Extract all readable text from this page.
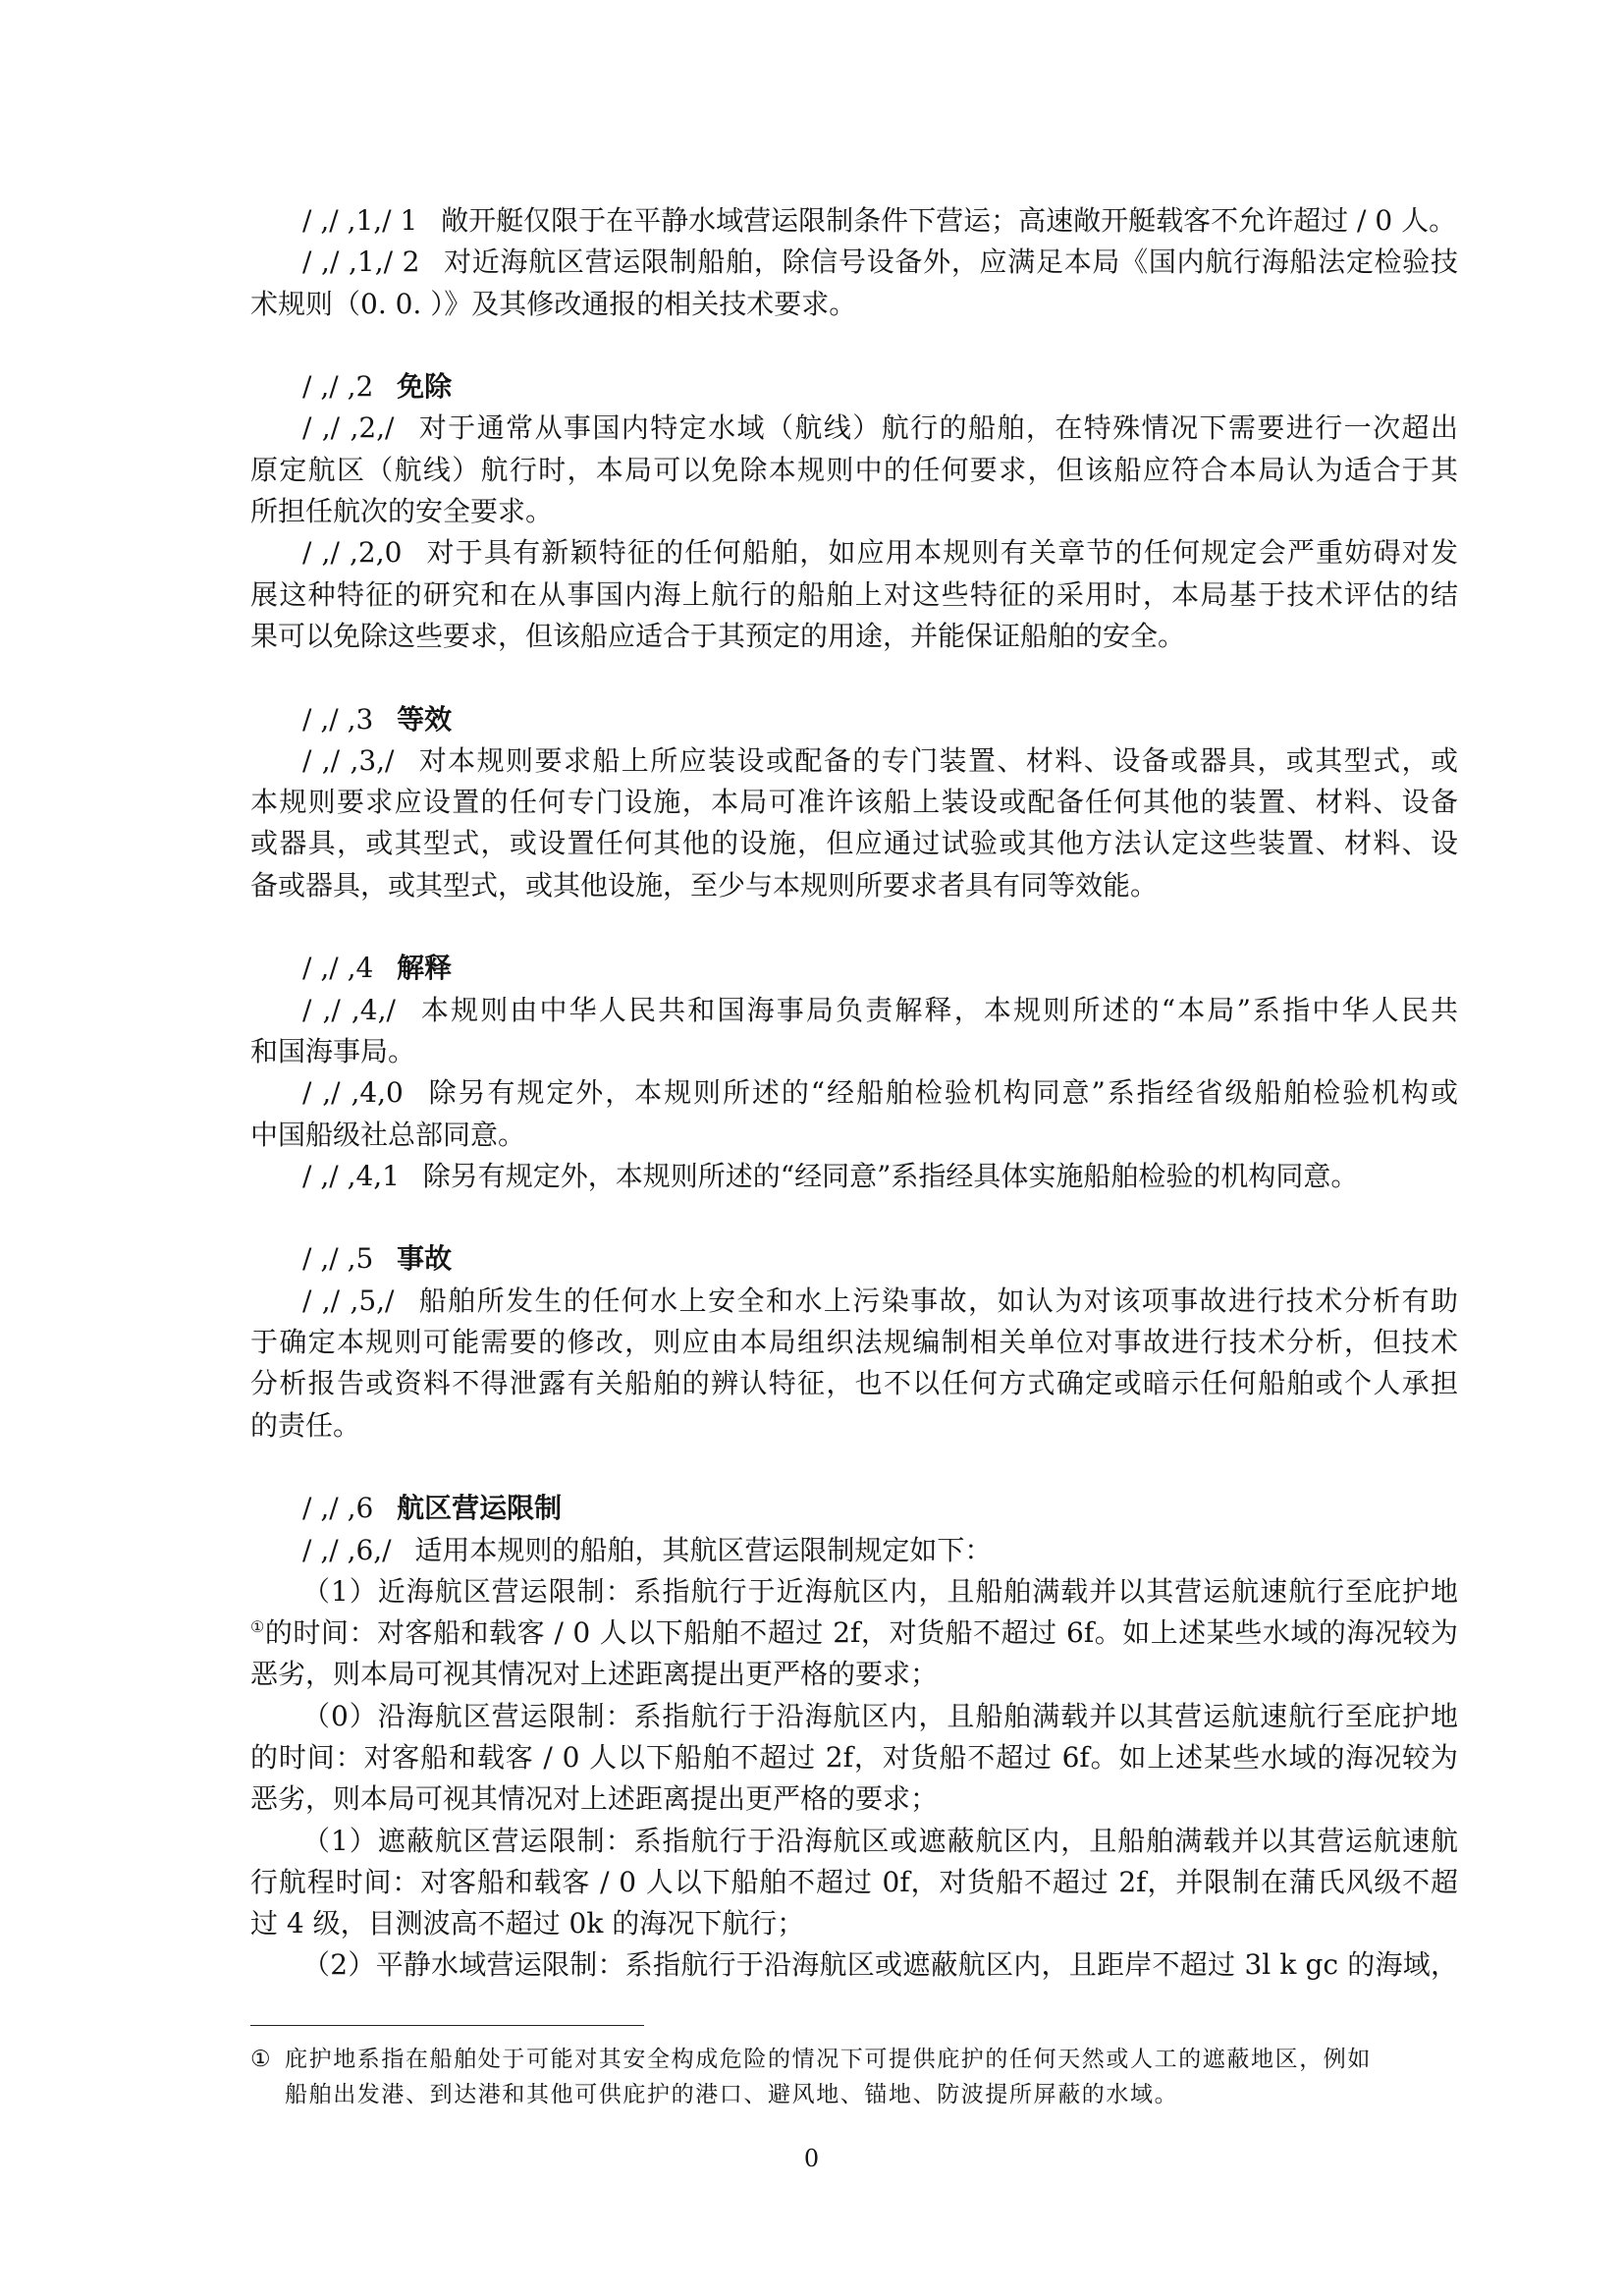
/ ,/ ,1,/ 1 敞开艇仅限于在平静水域营运限制条件下营运；高速敞开艇载客不允许超过 / 0 人。
/ ,/ ,1,/ 2 对近海航区营运限制船舶，除信号设备外，应满足本局《国内航行海船法定检验技
术规则（0. 0. ）》及其修改通报的相关技术要求。
/ ,/ ,2 免除
/ ,/ ,2,/ 对于通常从事国内特定水域（航线）航行的船舶，在特殊情况下需要进行一次超出
原定航区（航线）航行时，本局可以免除本规则中的任何要求，但该船应符合本局认为适合于其
所担任航次的安全要求。
/ ,/ ,2,0 对于具有新颖特征的任何船舶，如应用本规则有关章节的任何规定会严重妨碍对发
展这种特征的研究和在从事国内海上航行的船舶上对这些特征的采用时，本局基于技术评估的结
果可以免除这些要求，但该船应适合于其预定的用途，并能保证船舶的安全。
/ ,/ ,3 等效
/ ,/ ,3,/ 对本规则要求船上所应装设或配备的专门装置、材料、设备或器具，或其型式，或
本规则要求应设置的任何专门设施，本局可准许该船上装设或配备任何其他的装置、材料、设备
或器具，或其型式，或设置任何其他的设施，但应通过试验或其他方法认定这些装置、材料、设
备或器具，或其型式，或其他设施，至少与本规则所要求者具有同等效能。
/ ,/ ,4 解释
/ ,/ ,4,/ 本规则由中华人民共和国海事局负责解释，本规则所述的“本局”系指中华人民共
和国海事局。
/ ,/ ,4,0 除另有规定外，本规则所述的“经船舶检验机构同意”系指经省级船舶检验机构或
中国船级社总部同意。
/ ,/ ,4,1 除另有规定外，本规则所述的“经同意”系指经具体实施船舶检验的机构同意。
/ ,/ ,5 事故
/ ,/ ,5,/ 船舶所发生的任何水上安全和水上污染事故，如认为对该项事故进行技术分析有助
于确定本规则可能需要的修改，则应由本局组织法规编制相关单位对事故进行技术分析，但技术
分析报告或资料不得泄露有关船舶的辨认特征，也不以任何方式确定或暗示任何船舶或个人承担
的责任。
/ ,/ ,6 航区营运限制
/ ,/ ,6,/ 适用本规则的船舶，其航区营运限制规定如下：
（1）近海航区营运限制：系指航行于近海航区内，且船舶满载并以其营运航速航行至庇护地
①的时间：对客船和载客 / 0 人以下船舶不超过 2f，对货船不超过 6f。如上述某些水域的海况较为
恶劣，则本局可视其情况对上述距离提出更严格的要求；
（0）沿海航区营运限制：系指航行于沿海航区内，且船舶满载并以其营运航速航行至庇护地
的时间：对客船和载客 / 0 人以下船舶不超过 2f，对货船不超过 6f。如上述某些水域的海况较为
恶劣，则本局可视其情况对上述距离提出更严格的要求；
（1）遮蔽航区营运限制：系指航行于沿海航区或遮蔽航区内，且船舶满载并以其营运航速航
行航程时间：对客船和载客 / 0 人以下船舶不超过 0f，对货船不超过 2f，并限制在蒲氏风级不超
过 4 级，目测波高不超过 0k 的海况下航行；
（2）平静水域营运限制：系指航行于沿海航区或遮蔽航区内，且距岸不超过 3l k gc 的海域，
① 庇护地系指在船舶处于可能对其安全构成危险的情况下可提供庇护的任何天然或人工的遮蔽地区，例如
船舶出发港、到达港和其他可供庇护的港口、避风地、锚地、防波提所屏蔽的水域。
0
